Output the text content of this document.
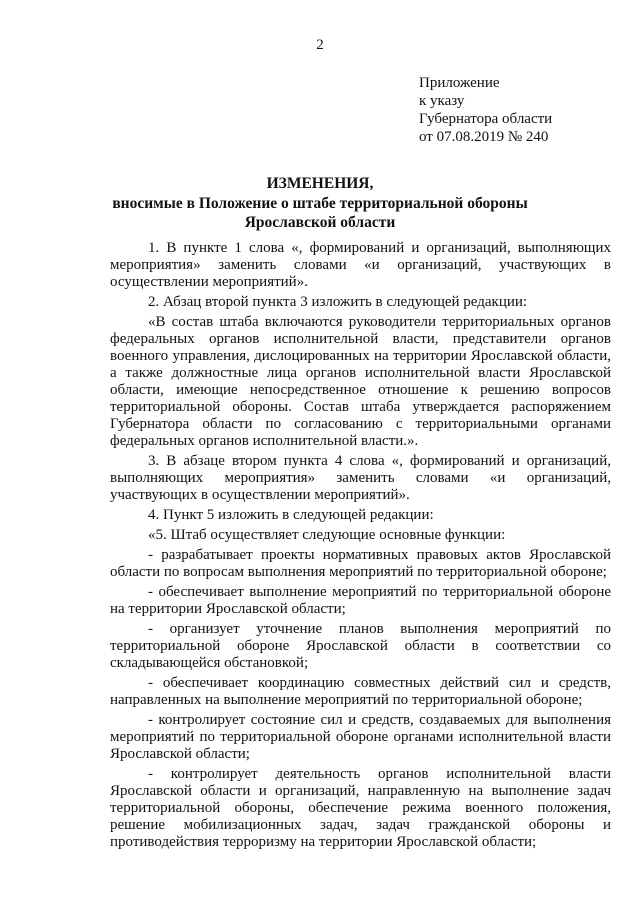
2
Приложение
к указу
Губернатора области
от 07.08.2019 № 240
ИЗМЕНЕНИЯ,
вносимые в Положение о штабе территориальной обороны
Ярославской области

1. В пункте 1 слова «, формирований и организаций, выполняющих мероприятия» заменить словами «и организаций, участвующих в осуществлении мероприятий».

2. Абзац второй пункта 3 изложить в следующей редакции:

«В состав штаба включаются руководители территориальных органов федеральных органов исполнительной власти, представители органов военного управления, дислоцированных на территории Ярославской области, а также должностные лица органов исполнительной власти Ярославской области, имеющие непосредственное отношение к решению вопросов территориальной обороны. Состав штаба утверждается распоряжением Губернатора области по согласованию с территориальными органами федеральных органов исполнительной власти.».

3. В абзаце втором пункта 4 слова «, формирований и организаций, выполняющих мероприятия» заменить словами «и организаций, участвующих в осуществлении мероприятий».

4. Пункт 5 изложить в следующей редакции:

«5. Штаб осуществляет следующие основные функции:

- разрабатывает проекты нормативных правовых актов Ярославской области по вопросам выполнения мероприятий по территориальной обороне;

- обеспечивает выполнение мероприятий по территориальной обороне на территории Ярославской области;

- организует уточнение планов выполнения мероприятий по территориальной обороне Ярославской области в соответствии со складывающейся обстановкой;

- обеспечивает координацию совместных действий сил и средств, направленных на выполнение мероприятий по территориальной обороне;

- контролирует состояние сил и средств, создаваемых для выполнения мероприятий по территориальной обороне органами исполнительной власти Ярославской области;

- контролирует деятельность органов исполнительной власти Ярославской области и организаций, направленную на выполнение задач территориальной обороны, обеспечение режима военного положения, решение мобилизационных задач, задач гражданской обороны и противодействия терроризму на территории Ярославской области;
